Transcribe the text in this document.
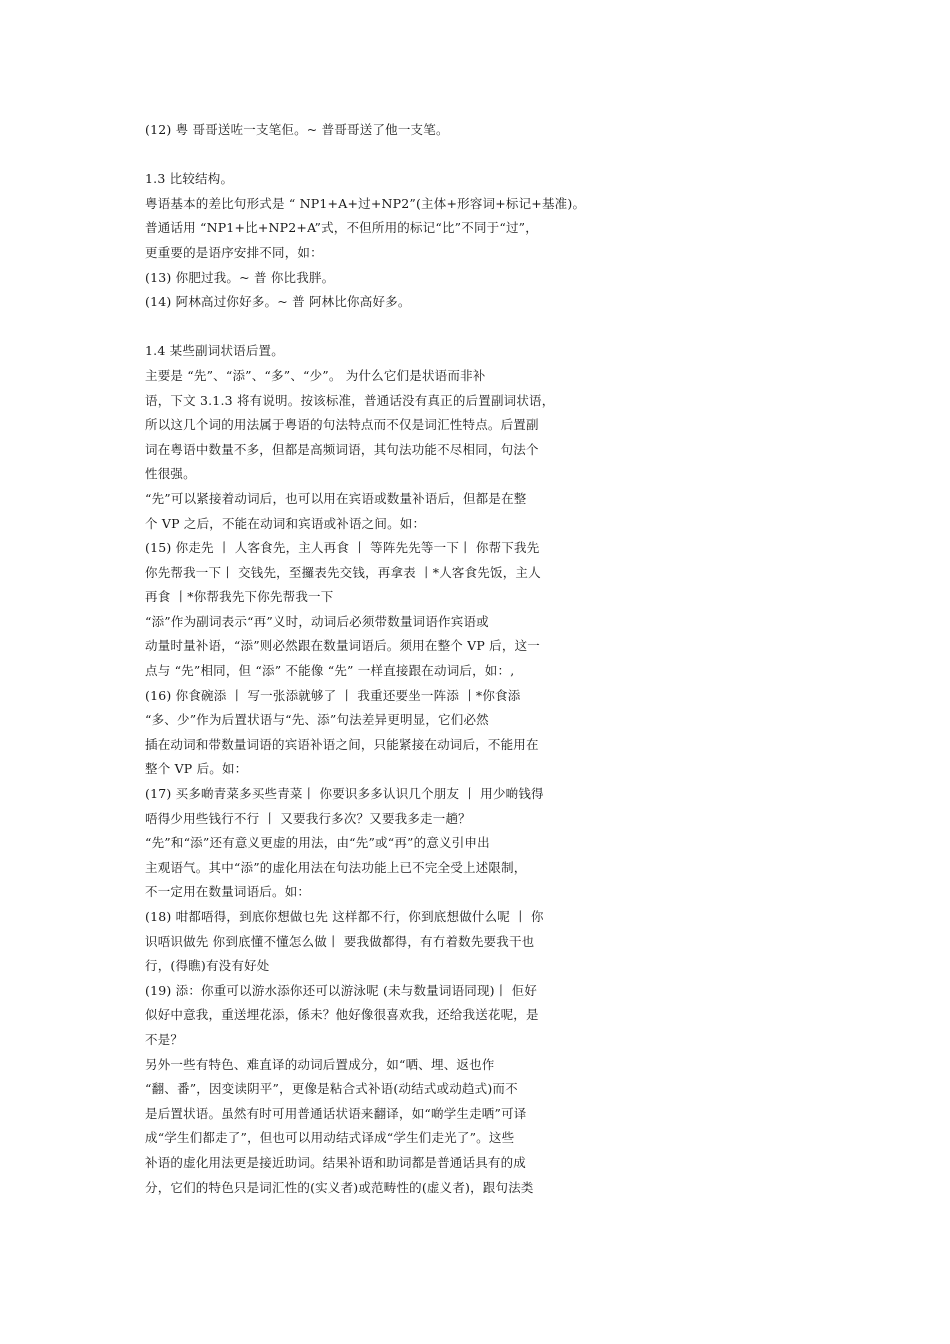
(12) 粤 哥哥送咗一支笔佢。~ 普哥哥送了他一支笔。
1.3 比较结构。
粤语基本的差比句形式是 “ NP1+A+过+NP2”(主体+形容词+标记+基准)。
普通话用 “NP1+比+NP2+A”式，不但所用的标记“比”不同于“过”，
更重要的是语序安排不同，如：
(13) 你肥过我。~ 普 你比我胖。
(14) 阿林高过你好多。~ 普 阿林比你高好多。
1.4 某些副词状语后置。
主要是 “先”、“添”、“多”、“少”。 为什么它们是状语而非补
语，下文 3.1.3 将有说明。按该标准，普通话没有真正的后置副词状语，
所以这几个词的用法属于粤语的句法特点而不仅是词汇性特点。后置副
词在粤语中数量不多，但都是高频词语，其句法功能不尽相同，句法个
性很强。
“先”可以紧接着动词后，也可以用在宾语或数量补语后，但都是在整
个 VP 之后，不能在动词和宾语或补语之间。如：
(15) 你走先 丨 人客食先，主人再食 丨 等阵先先等一下丨 你帮下我先
你先帮我一下丨 交钱先，至攞表先交钱，再拿表 丨*人客食先饭，主人
再食 丨*你帮我先下你先帮我一下
“添”作为副词表示“再”义时，动词后必须带数量词语作宾语或
动量时量补语，“添”则必然跟在数量词语后。须用在整个 VP 后，这一
点与 “先”相同，但 “添” 不能像 “先” 一样直接跟在动词后，如：,
(16) 你食碗添 丨 写一张添就够了 丨 我重还要坐一阵添 丨*你食添
“多、少”作为后置状语与“先、添”句法差异更明显，它们必然
插在动词和带数量词语的宾语补语之间，只能紧接在动词后，不能用在
整个 VP 后。如：
(17) 买多啲青菜多买些青菜丨 你要识多多认识几个朋友 丨 用少啲钱得
唔得少用些钱行不行 丨 又要我行多次？又要我多走一趟？
“先”和“添”还有意义更虚的用法，由“先”或“再”的意义引申出
主观语气。其中“添”的虚化用法在句法功能上已不完全受上述限制，
不一定用在数量词语后。如：
(18) 咁都唔得，到底你想做乜先 这样都不行，你到底想做什么呢 丨 你
识唔识做先 你到底懂不懂怎么做丨 要我做都得，有冇着数先要我干也
行，(得瞧)有没有好处
(19) 添：你重可以游水添你还可以游泳呢 (未与数量词语同现)丨 佢好
似好中意我，重送埋花添，係未？他好像很喜欢我，还给我送花呢，是
不是？
另外一些有特色、难直译的动词后置成分，如“哂、埋、返也作
“翻、番”，因变读阴平”，更像是粘合式补语(动结式或动趋式)而不
是后置状语。虽然有时可用普通话状语来翻译，如“啲学生走哂”可译
成“学生们都走了”，但也可以用动结式译成“学生们走光了”。这些
补语的虚化用法更是接近助词。结果补语和助词都是普通话具有的成
分，它们的特色只是词汇性的(实义者)或范畴性的(虚义者)，跟句法类
